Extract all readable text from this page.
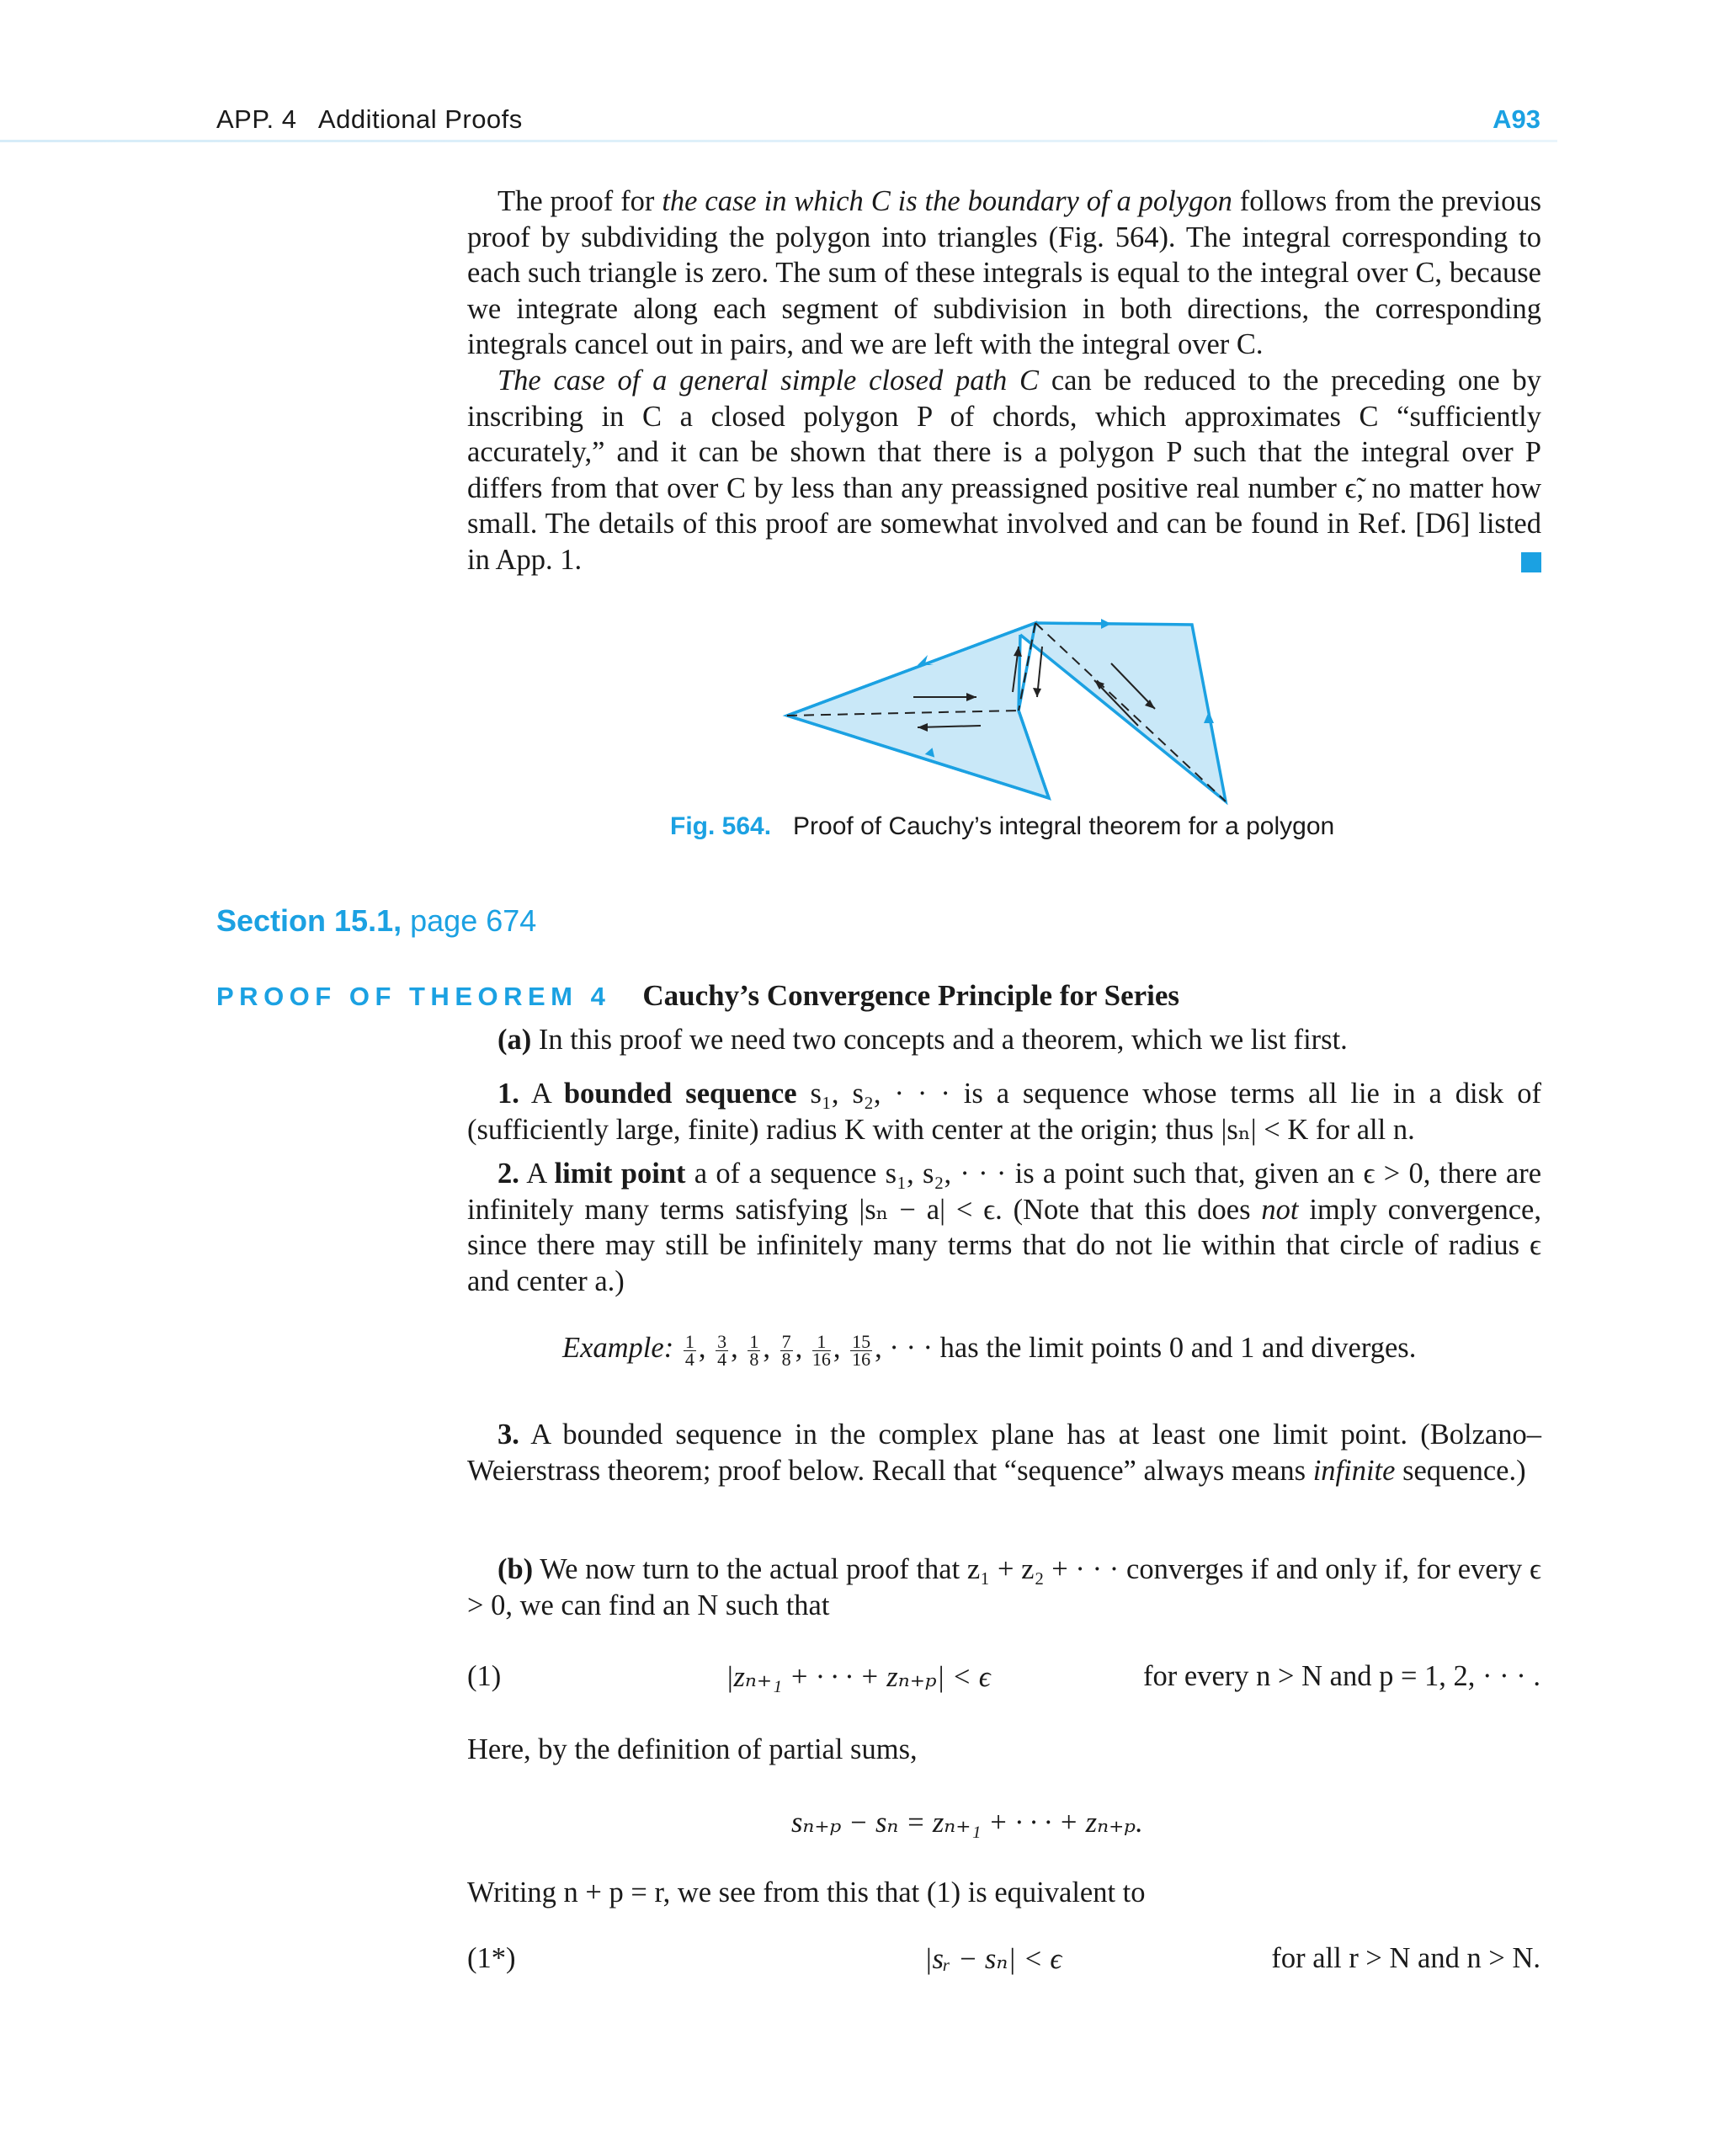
APP. 4 Additional Proofs	A93

The proof for the case in which C is the boundary of a polygon follows from the previous proof by subdividing the polygon into triangles (Fig. 564). The integral corresponding to each such triangle is zero. The sum of these integrals is equal to the integral over C, because we integrate along each segment of subdivision in both directions, the corresponding integrals cancel out in pairs, and we are left with the integral over C.

The case of a general simple closed path C can be reduced to the preceding one by inscribing in C a closed polygon P of chords, which approximates C “sufficiently accurately,” and it can be shown that there is a polygon P such that the integral over P differs from that over C by less than any preassigned positive real number ϵ̃, no matter how small. The details of this proof are somewhat involved and can be found in Ref. [D6] listed in App. 1.

Fig. 564. Proof of Cauchy’s integral theorem for a polygon
Section 15.1, page 674
PROOF OF THEOREM 4 Cauchy’s Convergence Principle for Series

(a) In this proof we need two concepts and a theorem, which we list first.

1. A bounded sequence s₁, s₂, · · · is a sequence whose terms all lie in a disk of (sufficiently large, finite) radius K with center at the origin; thus |sₙ| < K for all n.

2. A limit point a of a sequence s₁, s₂, · · · is a point such that, given an ϵ > 0, there are infinitely many terms satisfying |sₙ − a| < ϵ. (Note that this does not imply convergence, since there may still be infinitely many terms that do not lie within that circle of radius ϵ and center a.)

Example: $\frac{1}{4}$ , $\frac{3}{4}$ , $\frac{1}{8}$ , $\frac{7}{8}$ , $\frac{1}{16}$ , $\frac{15}{16}$ , · · · has the limit points 0 and 1 and diverges.

3. A bounded sequence in the complex plane has at least one limit point. (Bolzano–Weierstrass theorem; proof below. Recall that “sequence” always means infinite sequence.)

(b) We now turn to the actual proof that z₁ + z₂ + · · · converges if and only if, for every ϵ > 0, we can find an N such that

(1)	|zₙ₊₁ + · · · + zₙ₊ₚ| < ϵ	for every n > N and p = 1, 2, · · · .

Here, by the definition of partial sums,

sₙ₊ₚ − sₙ = zₙ₊₁ + · · · + zₙ₊ₚ.

Writing n + p = r, we see from this that (1) is equivalent to

(1*)	|sᵣ − sₙ| < ϵ	for all r > N and n > N.
